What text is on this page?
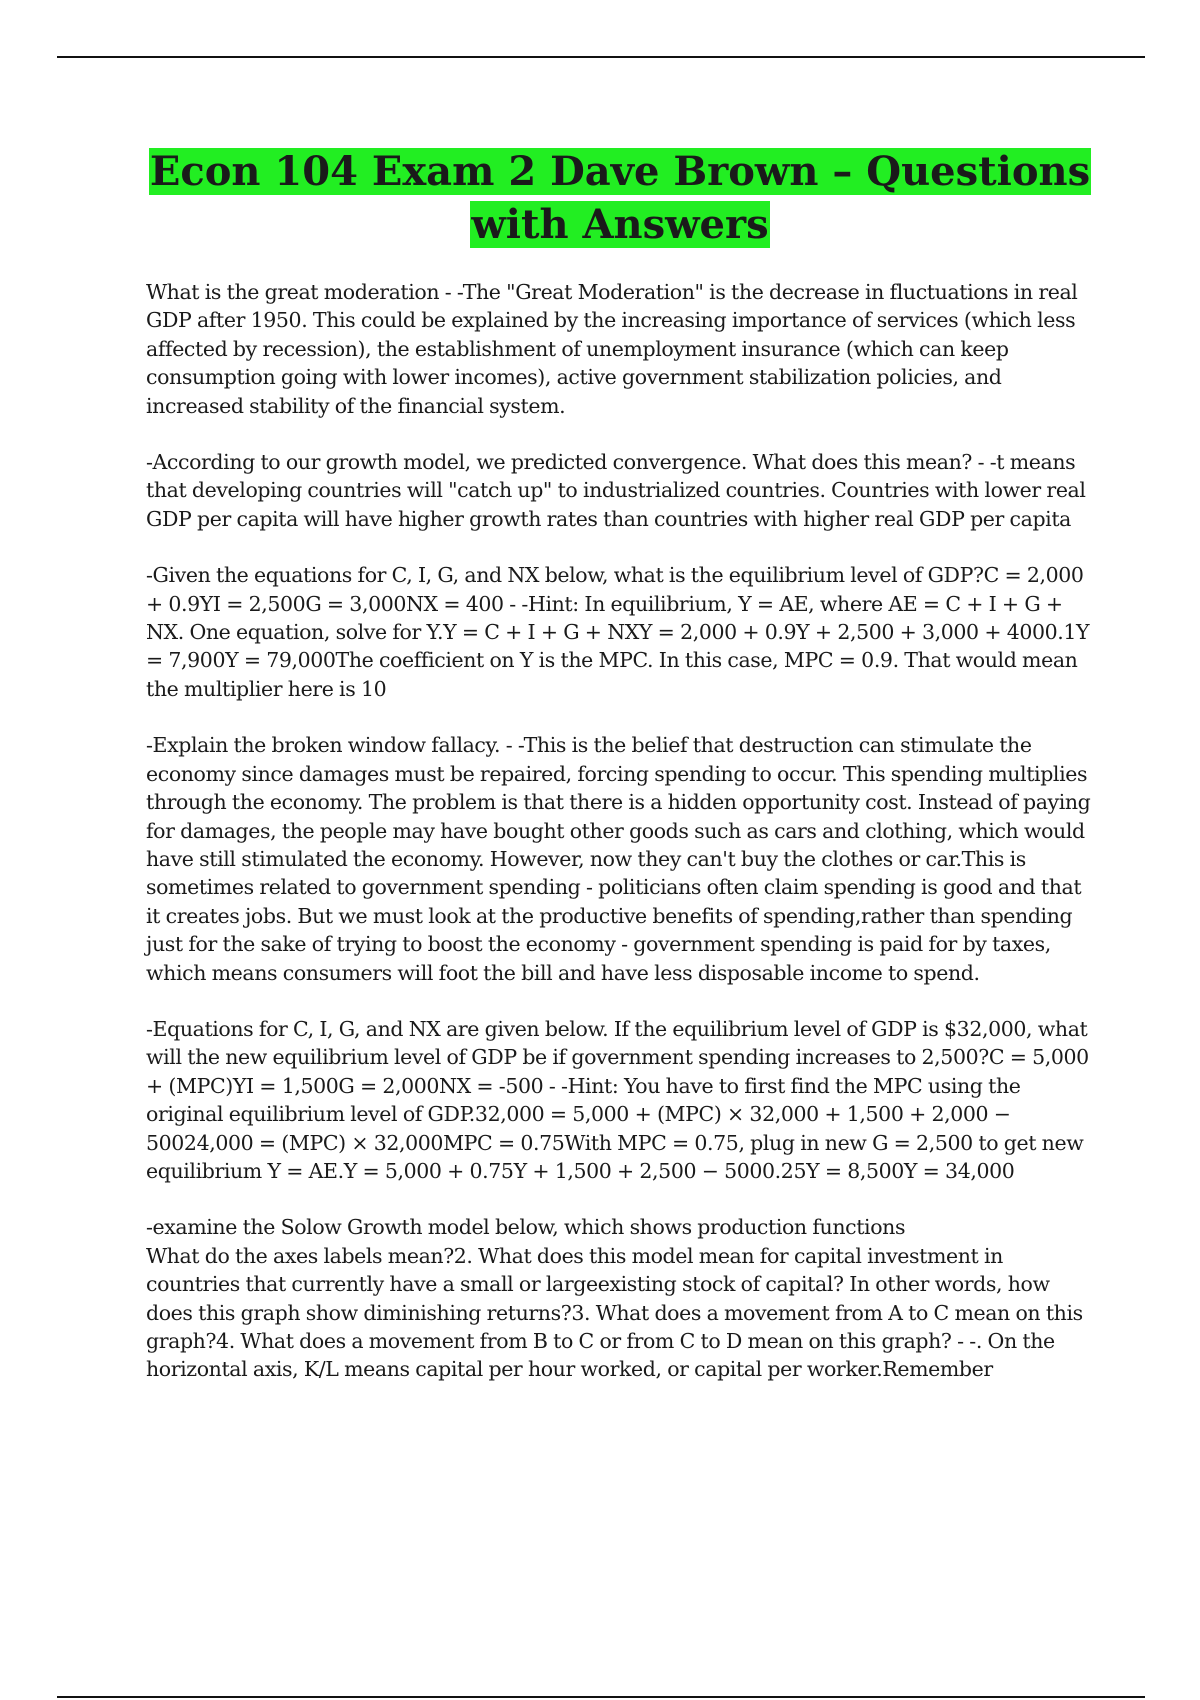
Econ 104 Exam 2 Dave Brown – Questions with Answers

What is the great moderation - -The "Great Moderation" is the decrease in fluctuations in real GDP after 1950. This could be explained by the increasing importance of services (which less affected by recession), the establishment of unemployment insurance (which can keep consumption going with lower incomes), active government stabilization policies, and increased stability of the financial system.

-According to our growth model, we predicted convergence. What does this mean? - -t means that developing countries will "catch up" to industrialized countries. Countries with lower real GDP per capita will have higher growth rates than countries with higher real GDP per capita

-Given the equations for C, I, G, and NX below, what is the equilibrium level of GDP?C = 2,000 + 0.9YI = 2,500G = 3,000NX = 400 - -Hint: In equilibrium, Y = AE, where AE = C + I + G + NX. One equation, solve for Y.Y = C + I + G + NXY = 2,000 + 0.9Y + 2,500 + 3,000 + 4000.1Y = 7,900Y = 79,000The coefficient on Y is the MPC. In this case, MPC = 0.9. That would mean the multiplier here is 10

-Explain the broken window fallacy. - -This is the belief that destruction can stimulate the economy since damages must be repaired, forcing spending to occur. This spending multiplies through the economy. The problem is that there is a hidden opportunity cost. Instead of paying for damages, the people may have bought other goods such as cars and clothing, which would have still stimulated the economy. However, now they can't buy the clothes or car.This is sometimes related to government spending - politicians often claim spending is good and that it creates jobs. But we must look at the productive benefits of spending,rather than spending just for the sake of trying to boost the economy - government spending is paid for by taxes, which means consumers will foot the bill and have less disposable income to spend.

-Equations for C, I, G, and NX are given below. If the equilibrium level of GDP is $32,000, what will the new equilibrium level of GDP be if government spending increases to 2,500?C = 5,000 + (MPC)YI = 1,500G = 2,000NX = -500 - -Hint: You have to first find the MPC using the original equilibrium level of GDP.32,000 = 5,000 + (MPC) × 32,000 + 1,500 + 2,000 − 50024,000 = (MPC) × 32,000MPC = 0.75With MPC = 0.75, plug in new G = 2,500 to get new equilibrium Y = AE.Y = 5,000 + 0.75Y + 1,500 + 2,500 − 5000.25Y = 8,500Y = 34,000

-examine the Solow Growth model below, which shows production functions
What do the axes labels mean?2. What does this model mean for capital investment in countries that currently have a small or largeexisting stock of capital? In other words, how does this graph show diminishing returns?3. What does a movement from A to C mean on this graph?4. What does a movement from B to C or from C to D mean on this graph? - -. On the horizontal axis, K/L means capital per hour worked, or capital per worker.Remember
